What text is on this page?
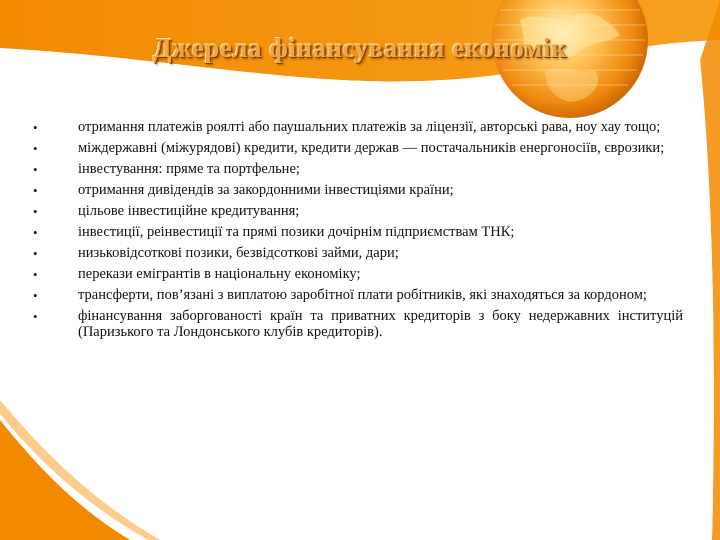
Джерела фінансування економік
•	отримання платежів роялті або паушальних платежів за ліцензії, авторські рава, ноу хау тощо;
•	міждержавні (міжурядові) кредити, кредити держав — постачальників енергоносіїв, єврозики;
•	інвестування: пряме та портфельне;
•	отримання дивідендів за закордонними інвестиціями країни;
•	цільове інвестиційне кредитування;
•	інвестиції, реінвестиції та прямі позики дочірнім підприємствам ТНК;
•	низьковідсоткові позики, безвідсоткові займи, дари;
•	перекази емігрантів в національну економіку;
•	трансферти, пов’язані з виплатою заробітної плати робітників, які знаходяться за кордоном;
•	фінансування заборгованості країн та приватних кредиторів з боку недержавних інституцій (Паризького та Лондонського клубів кредиторів).
